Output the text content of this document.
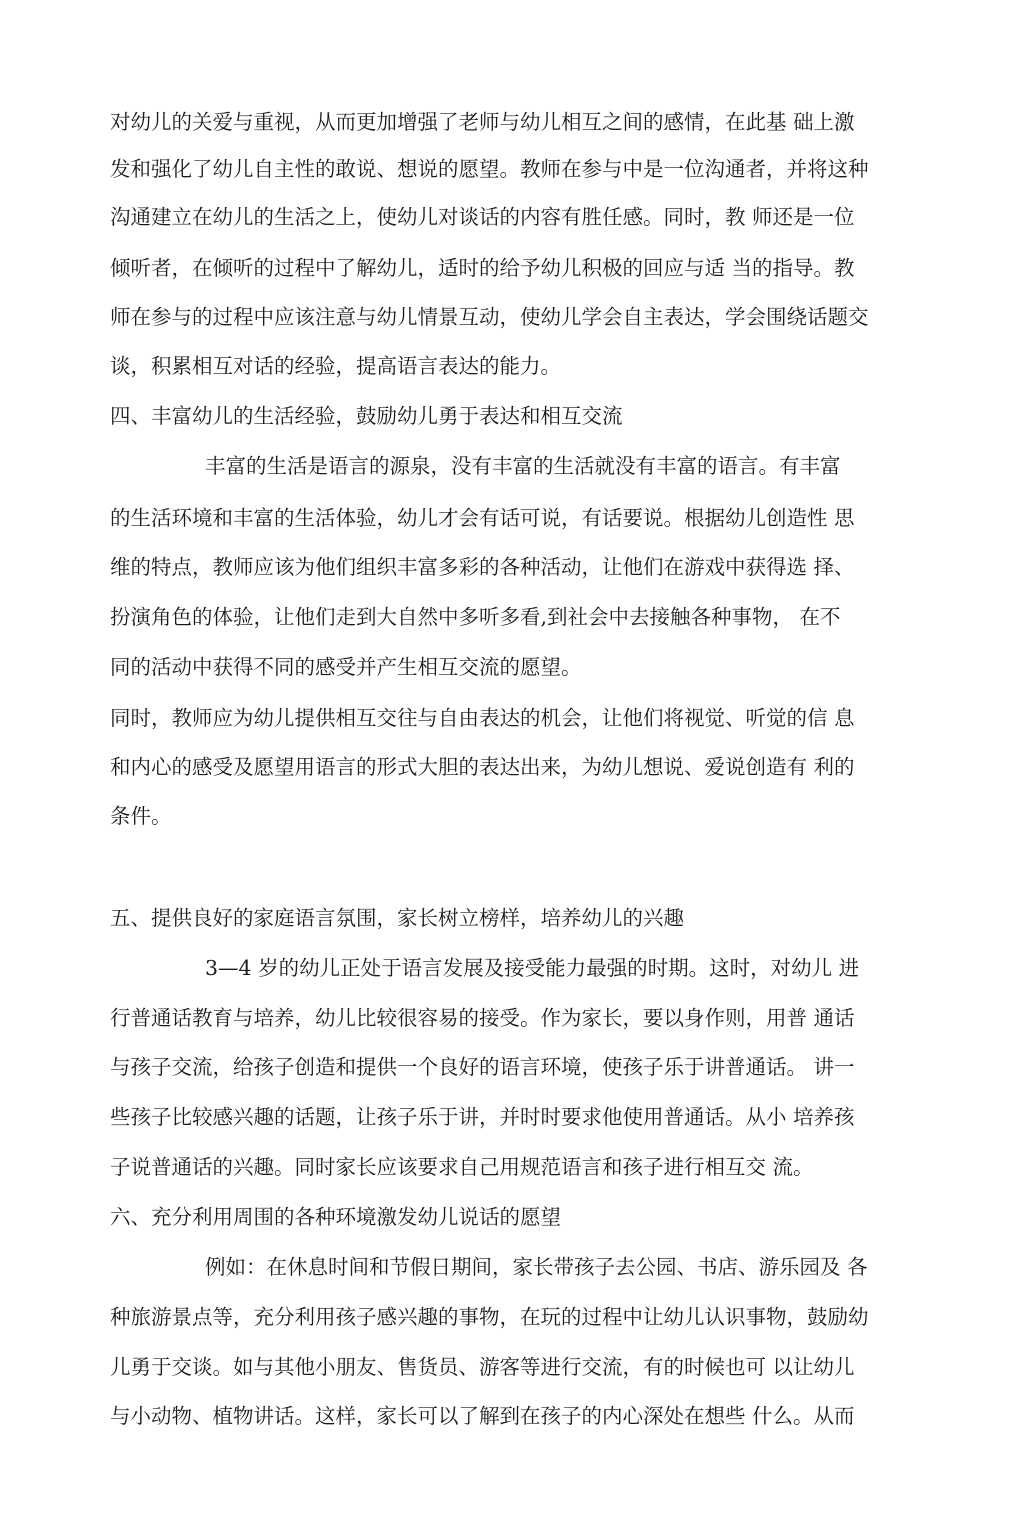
对幼儿的关爱与重视，从而更加增强了老师与幼儿相互之间的感情，在此基 础上激

发和强化了幼儿自主性的敢说、想说的愿望。教师在参与中是一位沟通者，并将这种

沟通建立在幼儿的生活之上，使幼儿对谈话的内容有胜任感。同时，教 师还是一位

倾听者，在倾听的过程中了解幼儿，适时的给予幼儿积极的回应与适 当的指导。教

师在参与的过程中应该注意与幼儿情景互动，使幼儿学会自主表达，学会围绕话题交

谈，积累相互对话的经验，提高语言表达的能力。

四、丰富幼儿的生活经验，鼓励幼儿勇于表达和相互交流

丰富的生活是语言的源泉，没有丰富的生活就没有丰富的语言。有丰富

的生活环境和丰富的生活体验，幼儿才会有话可说，有话要说。根据幼儿创造性 思

维的特点，教师应该为他们组织丰富多彩的各种活动，让他们在游戏中获得选 择、

扮演角色的体验，让他们走到大自然中多听多看,到社会中去接触各种事物， 在不

同的活动中获得不同的感受并产生相互交流的愿望。

同时，教师应为幼儿提供相互交往与自由表达的机会，让他们将视觉、听觉的信 息

和内心的感受及愿望用语言的形式大胆的表达出来，为幼儿想说、爱说创造有 利的

条件。

五、提供良好的家庭语言氛围，家长树立榜样，培养幼儿的兴趣

3—4 岁的幼儿正处于语言发展及接受能力最强的时期。这时，对幼儿 进

行普通话教育与培养，幼儿比较很容易的接受。作为家长，要以身作则，用普 通话

与孩子交流，给孩子创造和提供一个良好的语言环境，使孩子乐于讲普通话。 讲一

些孩子比较感兴趣的话题，让孩子乐于讲，并时时要求他使用普通话。从小 培养孩

子说普通话的兴趣。同时家长应该要求自己用规范语言和孩子进行相互交 流。

六、充分利用周围的各种环境激发幼儿说话的愿望

例如：在休息时间和节假日期间，家长带孩子去公园、书店、游乐园及 各

种旅游景点等，充分利用孩子感兴趣的事物，在玩的过程中让幼儿认识事物，鼓励幼

儿勇于交谈。如与其他小朋友、售货员、游客等进行交流，有的时候也可 以让幼儿

与小动物、植物讲话。这样，家长可以了解到在孩子的内心深处在想些 什么。从而
